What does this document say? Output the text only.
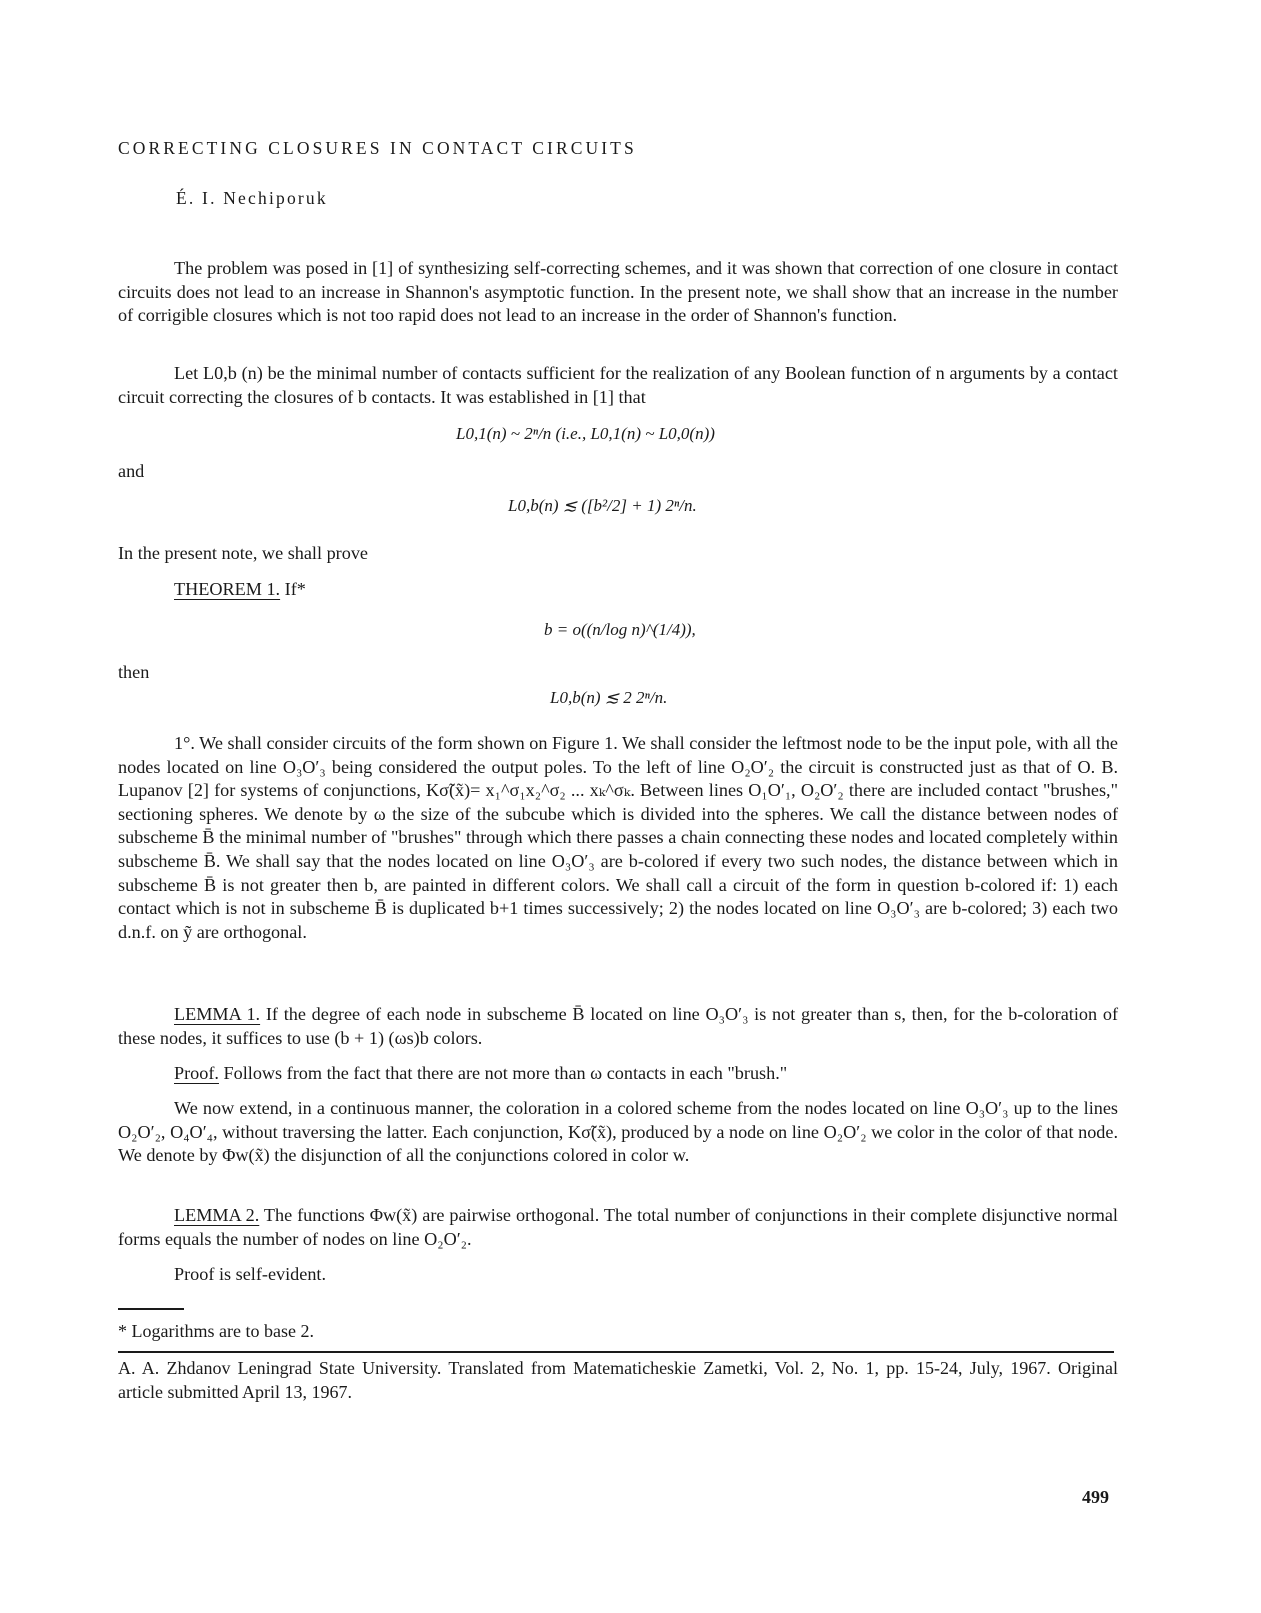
CORRECTING CLOSURES IN CONTACT CIRCUITS
É. I. Nechiporuk
The problem was posed in [1] of synthesizing self-correcting schemes, and it was shown that correction of one closure in contact circuits does not lead to an increase in Shannon's asymptotic function. In the present note, we shall show that an increase in the number of corrigible closures which is not too rapid does not lead to an increase in the order of Shannon's function.
Let L0,b (n) be the minimal number of contacts sufficient for the realization of any Boolean function of n arguments by a contact circuit correcting the closures of b contacts. It was established in [1] that
L0,1(n) ~ 2ⁿ/n (i.e., L0,1(n) ~ L0,0(n))
and
L0,b(n) ≲ ([b²/2] + 1) 2ⁿ/n.
In the present note, we shall prove
THEOREM 1. If*
b = o((n/log n)^(1/4)),
then
L0,b(n) ≲ 2 2ⁿ/n.
1°. We shall consider circuits of the form shown on Figure 1. We shall consider the leftmost node to be the input pole, with all the nodes located on line O₃O′₃ being considered the output poles. To the left of line O₂O′₂ the circuit is constructed just as that of O. B. Lupanov [2] for systems of conjunctions, Kσ̃(x̃)= x₁^σ₁x₂^σ₂ ... xₖ^σₖ. Between lines O₁O′₁, O₂O′₂ there are included contact "brushes," sectioning spheres. We denote by ω the size of the subcube which is divided into the spheres. We call the distance between nodes of subscheme B̄ the minimal number of "brushes" through which there passes a chain connecting these nodes and located completely within subscheme B̄. We shall say that the nodes located on line O₃O′₃ are b-colored if every two such nodes, the distance between which in subscheme B̄ is not greater then b, are painted in different colors. We shall call a circuit of the form in question b-colored if: 1) each contact which is not in subscheme B̄ is duplicated b+1 times successively; 2) the nodes located on line O₃O′₃ are b-colored; 3) each two d.n.f. on ỹ are orthogonal.
LEMMA 1. If the degree of each node in subscheme B̄ located on line O₃O′₃ is not greater than s, then, for the b-coloration of these nodes, it suffices to use (b + 1) (ωs)b colors.
Proof. Follows from the fact that there are not more than ω contacts in each "brush."
We now extend, in a continuous manner, the coloration in a colored scheme from the nodes located on line O₃O′₃ up to the lines O₂O′₂, O₄O′₄, without traversing the latter. Each conjunction, Kσ̃(x̃), produced by a node on line O₂O′₂ we color in the color of that node. We denote by Φw(x̃) the disjunction of all the conjunctions colored in color w.
LEMMA 2. The functions Φw(x̃) are pairwise orthogonal. The total number of conjunctions in their complete disjunctive normal forms equals the number of nodes on line O₂O′₂.
Proof is self-evident.
* Logarithms are to base 2.
A. A. Zhdanov Leningrad State University. Translated from Matematicheskie Zametki, Vol. 2, No. 1, pp. 15-24, July, 1967. Original article submitted April 13, 1967.
499
